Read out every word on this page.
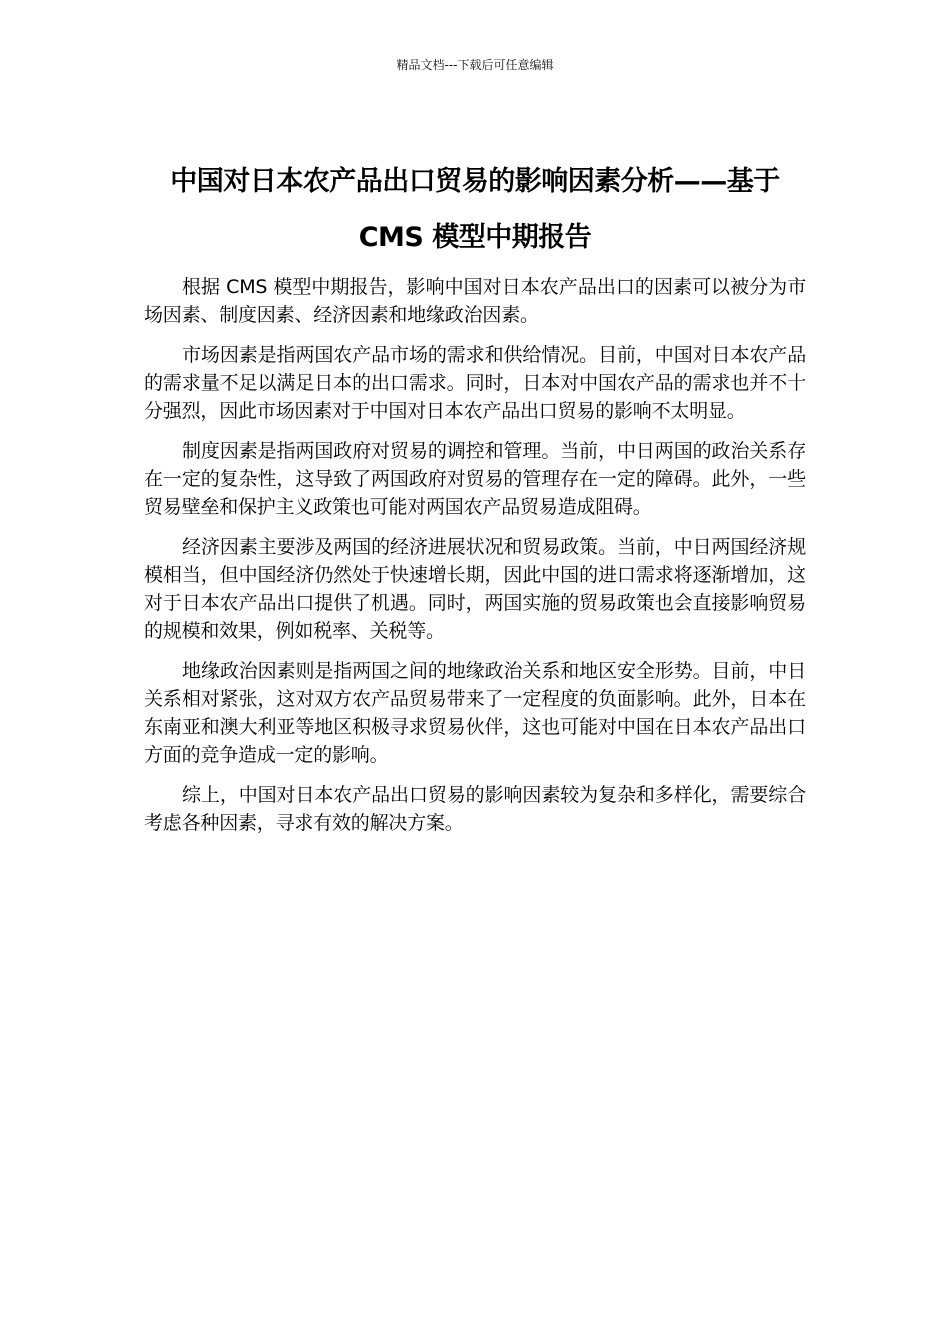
精品文档---下载后可任意编辑
中国对日本农产品出口贸易的影响因素分析——基于CMS 模型中期报告

根据 CMS 模型中期报告，影响中国对日本农产品出口的因素可以被分为市场因素、制度因素、经济因素和地缘政治因素。

市场因素是指两国农产品市场的需求和供给情况。目前，中国对日本农产品的需求量不足以满足日本的出口需求。同时，日本对中国农产品的需求也并不十分强烈，因此市场因素对于中国对日本农产品出口贸易的影响不太明显。

制度因素是指两国政府对贸易的调控和管理。当前，中日两国的政治关系存在一定的复杂性，这导致了两国政府对贸易的管理存在一定的障碍。此外，一些贸易壁垒和保护主义政策也可能对两国农产品贸易造成阻碍。

经济因素主要涉及两国的经济进展状况和贸易政策。当前，中日两国经济规模相当，但中国经济仍然处于快速增长期，因此中国的进口需求将逐渐增加，这对于日本农产品出口提供了机遇。同时，两国实施的贸易政策也会直接影响贸易的规模和效果，例如税率、关税等。

地缘政治因素则是指两国之间的地缘政治关系和地区安全形势。目前，中日关系相对紧张，这对双方农产品贸易带来了一定程度的负面影响。此外，日本在东南亚和澳大利亚等地区积极寻求贸易伙伴，这也可能对中国在日本农产品出口方面的竞争造成一定的影响。

综上，中国对日本农产品出口贸易的影响因素较为复杂和多样化，需要综合考虑各种因素，寻求有效的解决方案。
